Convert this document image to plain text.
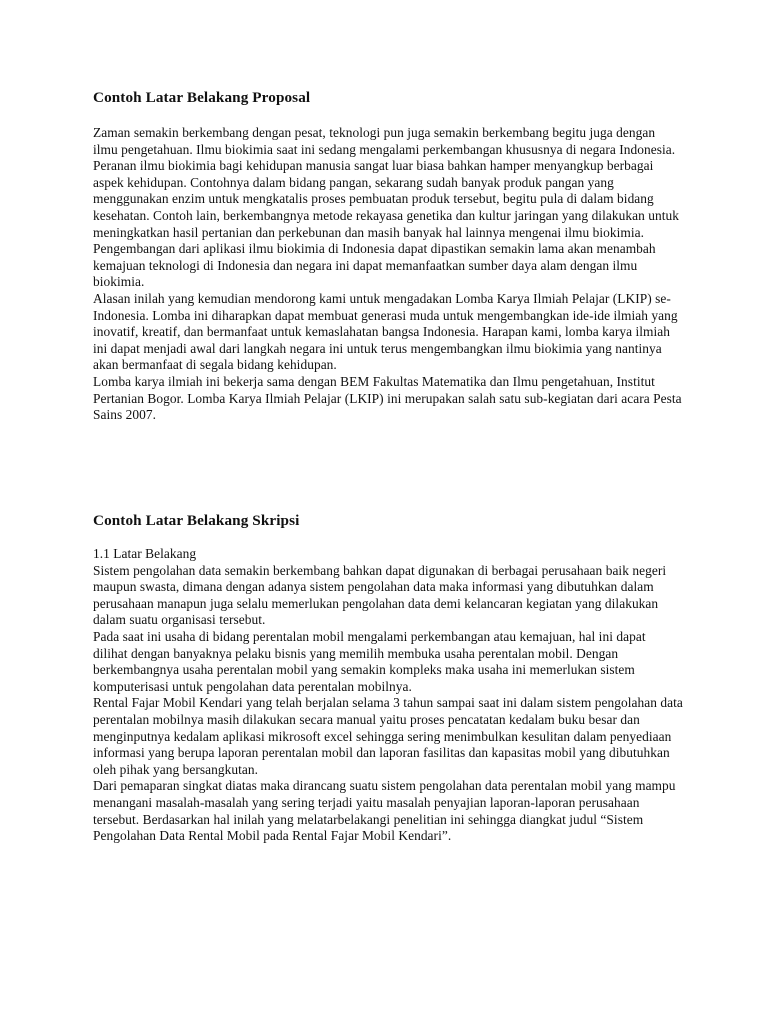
Contoh Latar Belakang Proposal

Zaman semakin berkembang dengan pesat, teknologi pun juga semakin berkembang begitu juga dengan ilmu pengetahuan. Ilmu biokimia saat ini sedang mengalami perkembangan khususnya di negara Indonesia. Peranan ilmu biokimia bagi kehidupan manusia sangat luar biasa bahkan hamper menyangkup berbagai aspek kehidupan. Contohnya dalam bidang pangan, sekarang sudah banyak produk pangan yang menggunakan enzim untuk mengkatalis proses pembuatan produk tersebut, begitu pula di dalam bidang kesehatan. Contoh lain, berkembangnya metode rekayasa genetika dan kultur jaringan yang dilakukan untuk meningkatkan hasil pertanian dan perkebunan dan masih banyak hal lainnya mengenai ilmu biokimia. Pengembangan dari aplikasi ilmu biokimia di Indonesia dapat dipastikan semakin lama akan menambah kemajuan teknologi di Indonesia dan negara ini dapat memanfaatkan sumber daya alam dengan ilmu biokimia.

Alasan inilah yang kemudian mendorong kami untuk mengadakan Lomba Karya Ilmiah Pelajar (LKIP) se-Indonesia. Lomba ini diharapkan dapat membuat generasi muda untuk mengembangkan ide-ide ilmiah yang inovatif, kreatif, dan bermanfaat untuk kemaslahatan bangsa Indonesia. Harapan kami, lomba karya ilmiah ini dapat menjadi awal dari langkah negara ini untuk terus mengembangkan ilmu biokimia yang nantinya akan bermanfaat di segala bidang kehidupan.

Lomba karya ilmiah ini bekerja sama dengan BEM Fakultas Matematika dan Ilmu pengetahuan, Institut Pertanian Bogor. Lomba Karya Ilmiah Pelajar (LKIP) ini merupakan salah satu sub-kegiatan dari acara Pesta Sains 2007.

Contoh Latar Belakang Skripsi

1.1 Latar Belakang

Sistem pengolahan data semakin berkembang bahkan dapat digunakan di berbagai perusahaan baik negeri maupun swasta, dimana dengan adanya sistem pengolahan data maka informasi yang dibutuhkan dalam perusahaan manapun juga selalu memerlukan pengolahan data demi kelancaran kegiatan yang dilakukan dalam suatu organisasi tersebut.

Pada saat ini usaha di bidang perentalan mobil mengalami perkembangan atau kemajuan, hal ini dapat dilihat dengan banyaknya pelaku bisnis yang memilih membuka usaha perentalan mobil. Dengan berkembangnya usaha perentalan mobil yang semakin kompleks maka usaha ini memerlukan sistem komputerisasi untuk pengolahan data perentalan mobilnya.

Rental Fajar Mobil Kendari yang telah berjalan selama 3 tahun sampai saat ini dalam sistem pengolahan data perentalan mobilnya masih dilakukan secara manual yaitu proses pencatatan kedalam buku besar dan menginputnya kedalam aplikasi mikrosoft excel sehingga sering menimbulkan kesulitan dalam penyediaan informasi yang berupa laporan perentalan mobil dan laporan fasilitas dan kapasitas mobil yang dibutuhkan oleh pihak yang bersangkutan.

Dari pemaparan singkat diatas maka dirancang suatu sistem pengolahan data perentalan mobil yang mampu menangani masalah-masalah yang sering terjadi yaitu masalah penyajian laporan-laporan perusahaan tersebut. Berdasarkan hal inilah yang melatarbelakangi penelitian ini sehingga diangkat judul “Sistem Pengolahan Data Rental Mobil pada Rental Fajar Mobil Kendari”.
